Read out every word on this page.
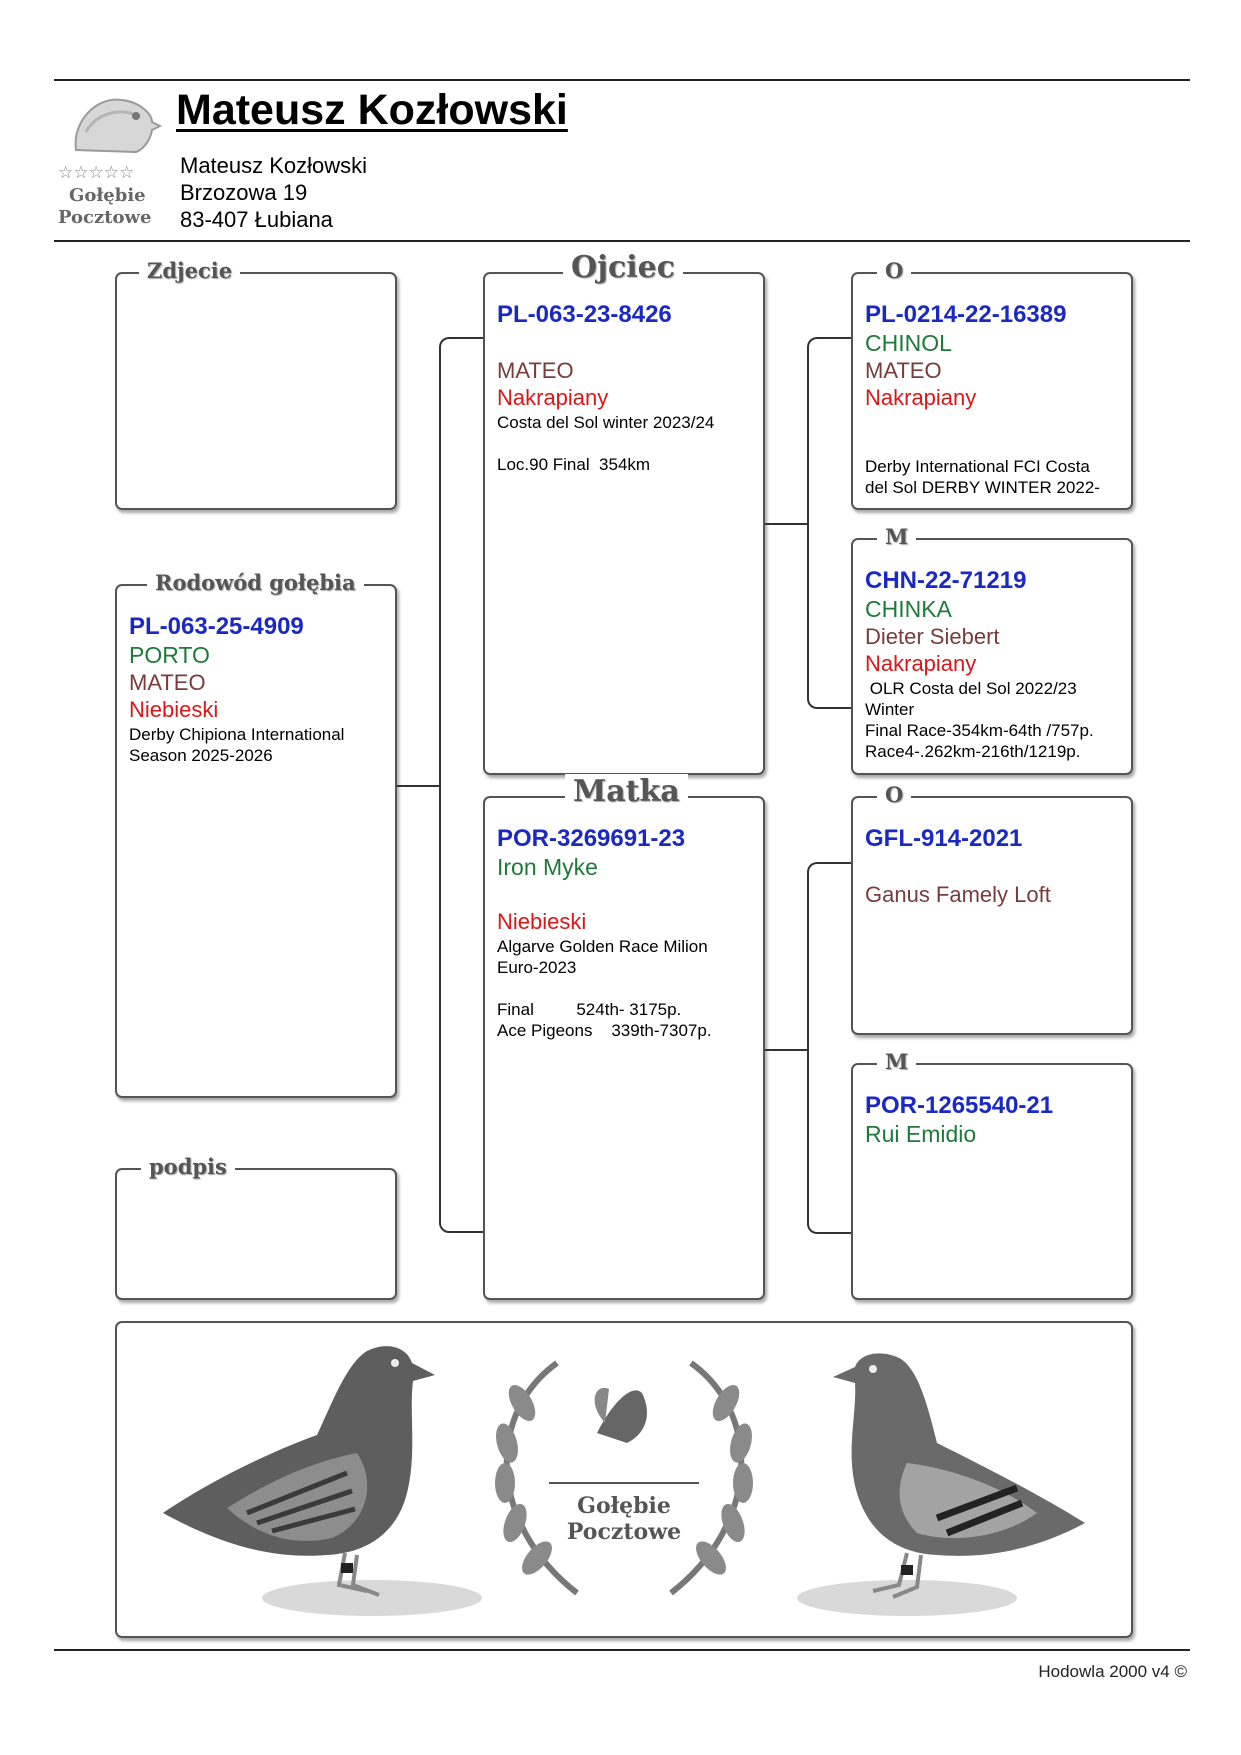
☆☆☆☆☆
Gołębie
Pocztowe
Mateusz Kozłowski
Mateusz Kozłowski
Brzozowa 19
83-407 Łubiana
Zdjecie
Rodowód gołębia
PL-063-25-4909
PORTO
MATEO
Niebieski
Derby Chipiona International
Season 2025-2026
podpis
Ojciec
PL-063-23-8426
MATEO
Nakrapiany
Costa del Sol winter 2023/24

Loc.90 Final  354km
Matka
POR-3269691-23
Iron Myke
Niebieski
Algarve Golden Race Milion
Euro-2023

Final         524th- 3175p.
Ace Pigeons    339th-7307p.
O
PL-0214-22-16389
CHINOL
MATEO
Nakrapiany
Derby International FCI Costa
del Sol DERBY WINTER 2022-
M
CHN-22-71219
CHINKA
Dieter Siebert
Nakrapiany
OLR Costa del Sol 2022/23
Winter
Final Race-354km-64th /757p.
Race4-.262km-216th/1219p.
O
GFL-914-2021
Ganus Famely Loft
M
POR-1265540-21
Rui Emidio
Gołębie
Pocztowe
Hodowla 2000 v4 ©
